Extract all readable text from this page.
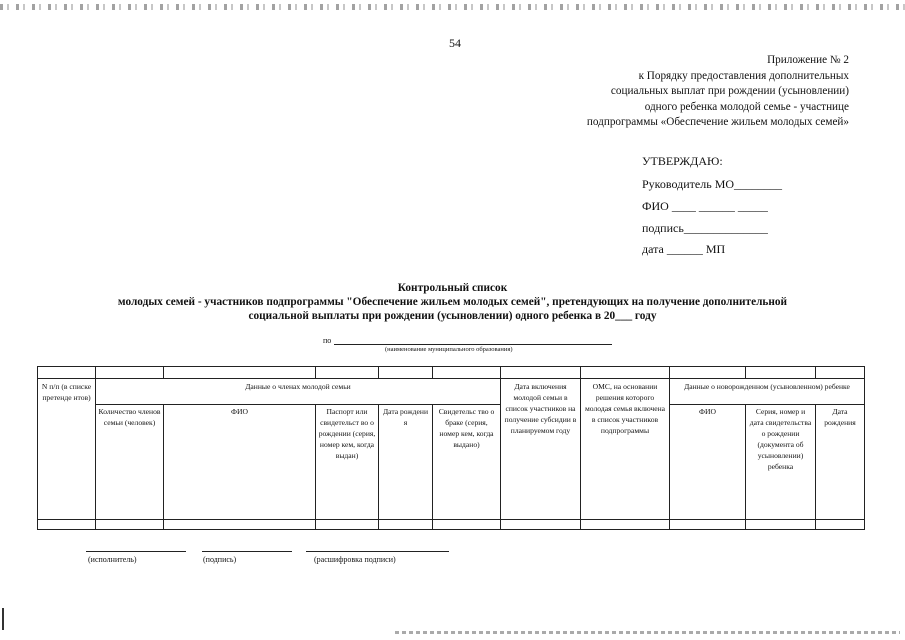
54
Приложение № 2
к Порядку предоставления дополнительных
социальных выплат при рождении (усыновлении)
одного ребенка молодой семье - участнице
подпрограммы «Обеспечение жильем молодых семей»
УТВЕРЖДАЮ:
Руководитель МО________
ФИО ____ ______ _____
подпись______________
дата ______ МП
Контрольный список
молодых семей - участников подпрограммы "Обеспечение жильем молодых семей", претендующих на получение дополнительной
социальной выплаты при рождении (усыновлении) одного ребенка в 20___ году
по
(наименование муниципального образования)

N п/п (в списке претенде нтов)	Данные о членах молодой семьи					Дата включения молодой семьи в список участников на получение субсидии в планируемом году	ОМС, на основании решения которого молодая семья включена в список участников подпрограммы	Данные о новорожденном (усыновленном) ребенке		
	Количество членов семьи (человек)	ФИО	Паспорт или свидетельст во о рождении (серия, номер кем, когда выдан)	Дата рождени я	Свидетельс тво о браке (серия, номер кем, когда выдано)			ФИО	Серия, номер и дата свидетельства о рождении (документа об усыновлении) ребенка	Дата рождения

(исполнитель)	(подпись)	(расшифровка подписи)
